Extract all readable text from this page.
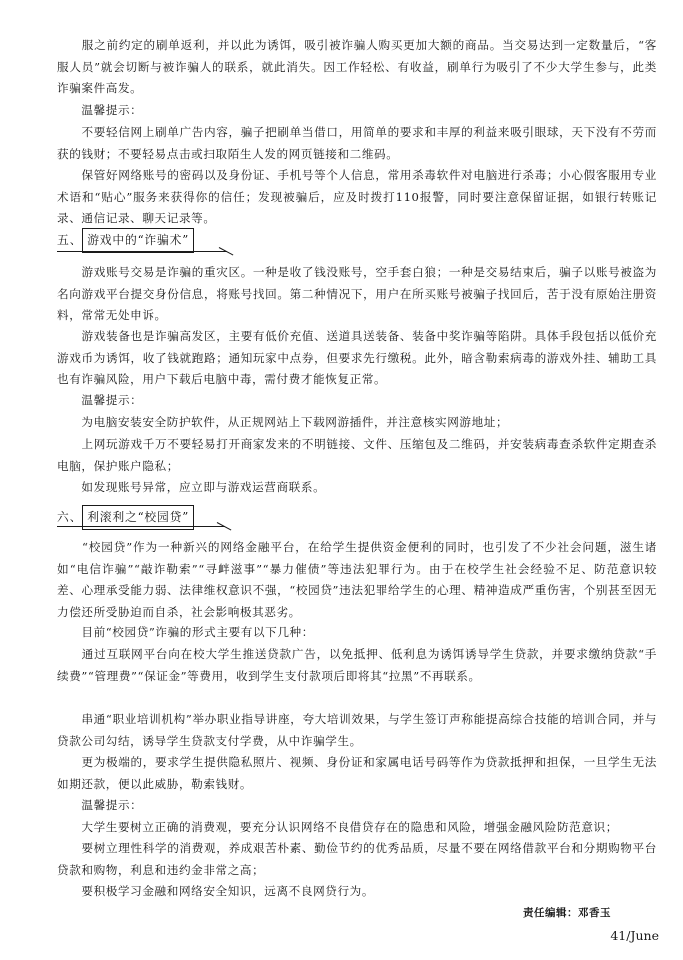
　　服之前约定的刷单返利，并以此为诱饵，吸引被诈骗人购买更加大额的商品。当交易达到一定数量后，“客服人员”就会切断与被诈骗人的联系，就此消失。因工作轻松、有收益，刷单行为吸引了不少大学生参与，此类诈骗案件高发。

　　温馨提示：

　　不要轻信网上刷单广告内容，骗子把刷单当借口，用简单的要求和丰厚的利益来吸引眼球，天下没有不劳而获的钱财；不要轻易点击或扫取陌生人发的网页链接和二维码。

　　保管好网络账号的密码以及身份证、手机号等个人信息，常用杀毒软件对电脑进行杀毒；小心假客服用专业术语和“贴心”服务来获得你的信任；发现被骗后，应及时拨打110报警，同时要注意保留证据，如银行转账记录、通信记录、聊天记录等。

五、 游戏中的“诈骗术”

　　游戏账号交易是诈骗的重灾区。一种是收了钱没账号，空手套白狼；一种是交易结束后，骗子以账号被盗为名向游戏平台提交身份信息，将账号找回。第二种情况下，用户在所买账号被骗子找回后，苦于没有原始注册资料，常常无处申诉。

　　游戏装备也是诈骗高发区，主要有低价充值、送道具送装备、装备中奖诈骗等陷阱。具体手段包括以低价充游戏币为诱饵，收了钱就跑路；通知玩家中点券，但要求先行缴税。此外，暗含勒索病毒的游戏外挂、辅助工具也有诈骗风险，用户下载后电脑中毒，需付费才能恢复正常。

　　温馨提示：

　　为电脑安装安全防护软件，从正规网站上下载网游插件，并注意核实网游地址；

　　上网玩游戏千万不要轻易打开商家发来的不明链接、文件、压缩包及二维码，并安装病毒查杀软件定期查杀电脑，保护账户隐私；

　　如发现账号异常，应立即与游戏运营商联系。

六、 利滚利之“校园贷”

　　“校园贷”作为一种新兴的网络金融平台，在给学生提供资金便利的同时，也引发了不少社会问题，滋生诸如“电信诈骗”“敲诈勒索”“寻衅滋事”“暴力催债”等违法犯罪行为。由于在校学生社会经验不足、防范意识较差、心理承受能力弱、法律维权意识不强，“校园贷”违法犯罪给学生的心理、精神造成严重伤害，个别甚至因无力偿还所受胁迫而自杀，社会影响极其恶劣。

　　目前“校园贷”诈骗的形式主要有以下几种：

　　通过互联网平台向在校大学生推送贷款广告，以免抵押、低利息为诱饵诱导学生贷款，并要求缴纳贷款“手续费”“管理费”“保证金”等费用，收到学生支付款项后即将其“拉黑”不再联系。

　　串通“职业培训机构”举办职业指导讲座，夸大培训效果，与学生签订声称能提高综合技能的培训合同，并与贷款公司勾结，诱导学生贷款支付学费，从中诈骗学生。

　　更为极端的，要求学生提供隐私照片、视频、身份证和家属电话号码等作为贷款抵押和担保，一旦学生无法如期还款，便以此威胁，勒索钱财。

　　温馨提示：

　　大学生要树立正确的消费观，要充分认识网络不良借贷存在的隐患和风险，增强金融风险防范意识；

　　要树立理性科学的消费观，养成艰苦朴素、勤俭节约的优秀品质，尽量不要在网络借款平台和分期购物平台贷款和购物，利息和违约金非常之高；

　　要积极学习金融和网络安全知识，远离不良网贷行为。

责任编辑：邓香玉
41/June
